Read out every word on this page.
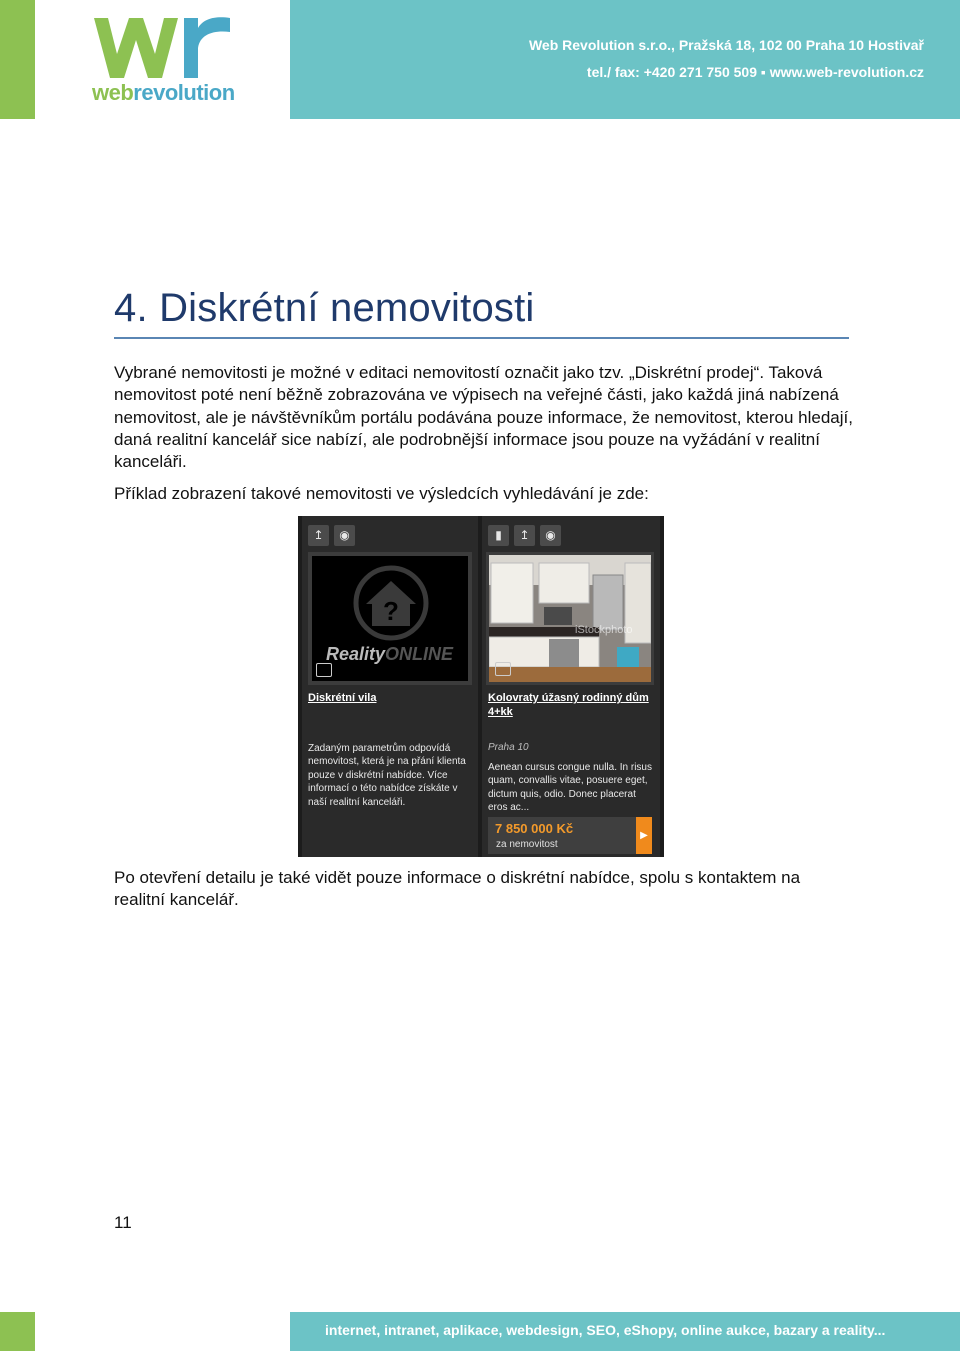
webrevolution
Web Revolution s.r.o., Pražská 18, 102 00 Praha 10 Hostivař
tel./ fax: +420 271 750 509 ▪ www.web-revolution.cz
4. Diskrétní nemovitosti

Vybrané nemovitosti je možné v editaci nemovitostí označit jako tzv. „Diskrétní prodej“. Taková nemovitost poté není běžně zobrazována ve výpisech na veřejné části, jako každá jiná nabízená nemovitost, ale je návštěvníkům portálu podávána pouze informace, že nemovitost, kterou hledají, daná realitní kancelář sice nabízí, ale podrobnější informace jsou pouze na vyžádání v realitní kanceláři.

Příklad zobrazení takové nemovitosti ve výsledcích vyhledávání je zde:

↥	◉
?
RealityONLINE
Diskrétní vila
Zadaným parametrům odpovídá nemovitost, která je na přání klienta pouze v diskrétní nabídce. Více informací o této nabídce získáte v naší realitní kanceláři.
▮	↥	◉
iStockphoto
Kolovraty úžasný rodinný dům 4+kk
Praha 10
Aenean cursus congue nulla. In risus quam, convallis vitae, posuere eget, dictum quis, odio. Donec placerat eros ac...
7 850 000 Kč
za nemovitost
▶

Po otevření detailu je také vidět pouze informace o diskrétní nabídce, spolu s kontaktem na realitní kancelář.

11
internet, intranet, aplikace, webdesign, SEO, eShopy, online aukce, bazary a reality...
